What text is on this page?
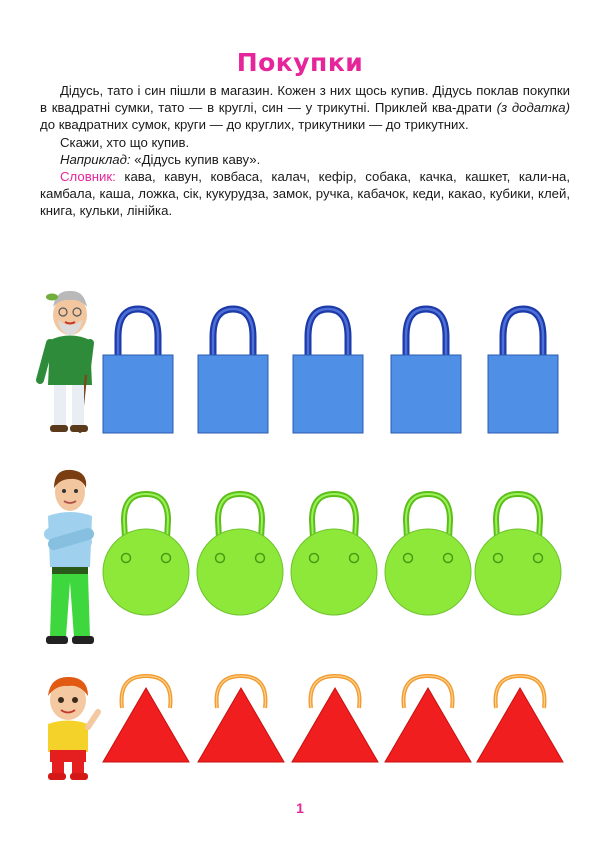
Покупки

Дідусь, тато і син пішли в магазин. Кожен з них щось купив. Дідусь поклав покупки в квадратні сумки, тато — в круглі, син — у трикутні. Приклей ква-драти (з додатка) до квадратних сумок, круги — до круглих, трикутники — до трикутних.

Скажи, хто що купив.

Наприклад: «Дідусь купив каву».

Словник: кава, кавун, ковбаса, калач, кефір, собака, качка, кашкет, кали-на, камбала, каша, ложка, сік, кукурудза, замок, ручка, кабачок, кеди, какао, кубики, клей, книга, кульки, лінійка.

1
